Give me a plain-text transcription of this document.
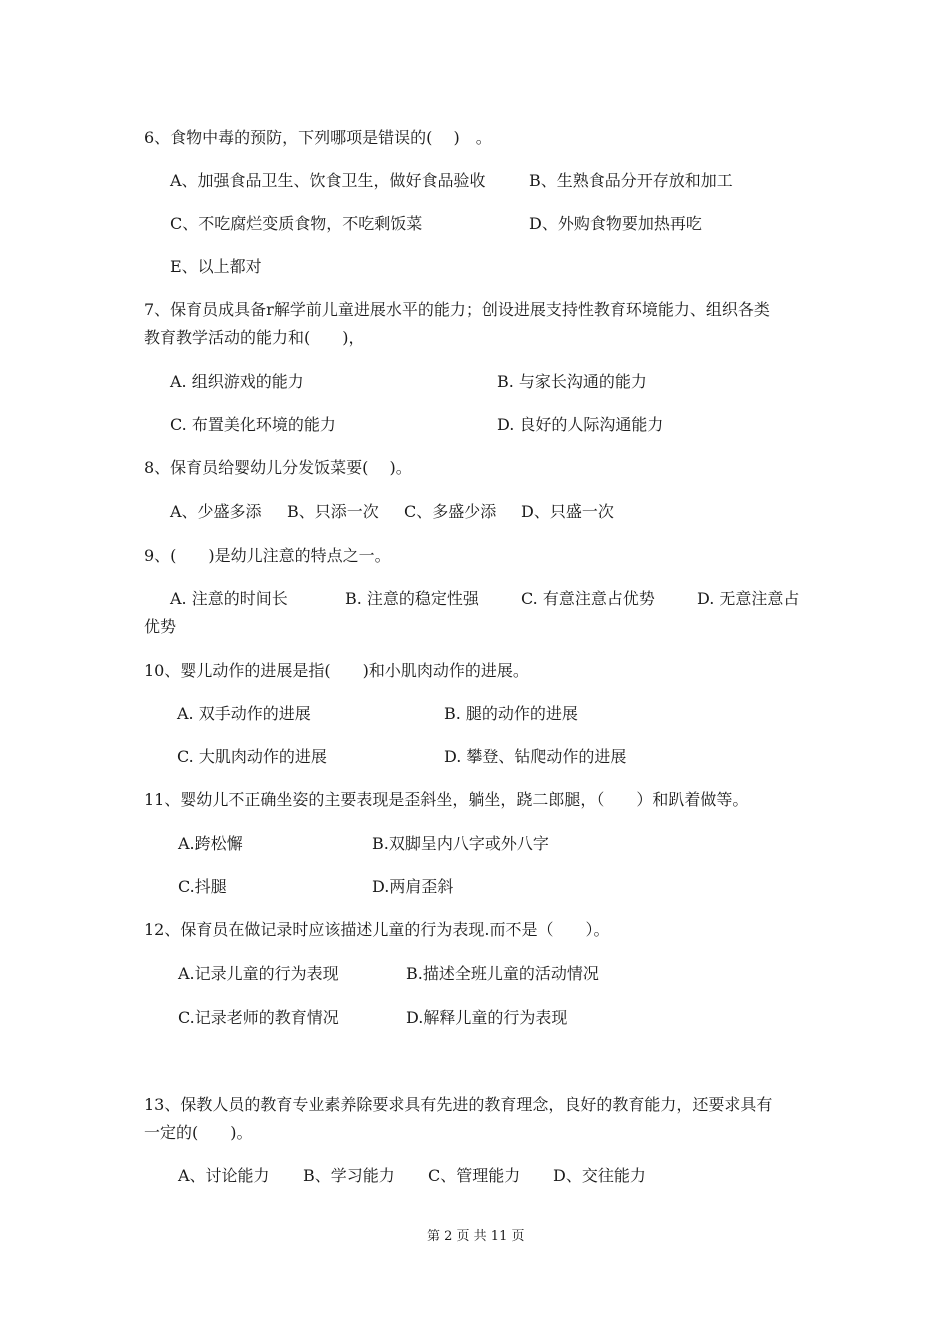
6、食物中毒的预防，下列哪项是错误的(　 )　。
A、加强食品卫生、饮食卫生，做好食品验收	B、生熟食品分开存放和加工
C、不吃腐烂变质食物，不吃剩饭菜	D、外购食物要加热再吃
E、以上都对
7、保育员成具备r解学前儿童进展水平的能力；创设进展支持性教育环境能力、组织各类
教育教学活动的能力和(　　)，
A. 组织游戏的能力	B. 与家长沟通的能力
C. 布置美化环境的能力	D. 良好的人际沟通能力
8、保育员给婴幼儿分发饭菜要(　 )。
A、少盛多添 B、只添一次 C、多盛少添 D、只盛一次
9、(　　)是幼儿注意的特点之一。
A. 注意的时间长	B. 注意的稳定性强	C. 有意注意占优势	D. 无意注意占
优势
10、婴儿动作的进展是指(　　)和小肌肉动作的进展。
A. 双手动作的进展	B. 腿的动作的进展
C. 大肌肉动作的进展	D. 攀登、钻爬动作的进展
11、婴幼儿不正确坐姿的主要表现是歪斜坐，躺坐，跷二郎腿，（　　）和趴着做等。
A.跨松懈	B.双脚呈内八字或外八字
C.抖腿	D.两肩歪斜
12、保育员在做记录时应该描述儿童的行为表现.而不是（　　）。
A.记录儿童的行为表现	B.描述全班儿童的活动情况
C.记录老师的教育情况	D.解释儿童的行为表现
13、保教人员的教育专业素养除要求具有先进的教育理念，良好的教育能力，还要求具有
一定的(　　)。
A、讨论能力 B、学习能力 C、管理能力 D、交往能力
第 2 页 共 11 页
